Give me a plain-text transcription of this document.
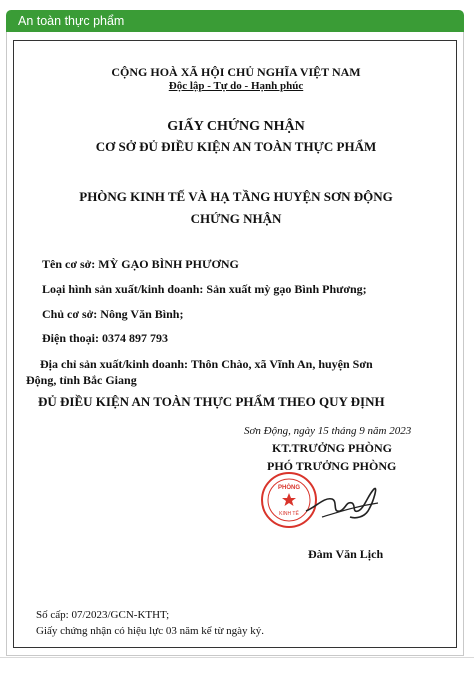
An toàn thực phẩm
CỘNG HOÀ XÃ HỘI CHỦ NGHĨA VIỆT NAM
Độc lập - Tự do - Hạnh phúc
GIẤY CHỨNG NHẬN
CƠ SỞ ĐỦ ĐIỀU KIỆN AN TOÀN THỰC PHẨM
PHÒNG KINH TẾ VÀ HẠ TẦNG HUYỆN SƠN ĐỘNG
CHỨNG NHẬN
Tên cơ sở: MỲ GẠO BÌNH PHƯƠNG
Loại hình sản xuất/kinh doanh: Sản xuất mỳ gạo Bình Phương;
Chủ cơ sở: Nông Văn Bình;
Điện thoại: 0374 897 793
Địa chỉ sản xuất/kinh doanh: Thôn Chào, xã Vĩnh An, huyện Sơn
Động, tỉnh Bắc Giang
ĐỦ ĐIỀU KIỆN AN TOÀN THỰC PHẨM THEO QUY ĐỊNH
Sơn Động, ngày 15 tháng 9 năm 2023
KT.TRƯỞNG PHÒNG
PHÓ TRƯỞNG PHÒNG
PHÒNG
KINH TẾ
Đàm Văn Lịch
Số cấp: 07/2023/GCN-KTHT;
Giấy chứng nhận có hiệu lực 03 năm kể từ ngày ký.
